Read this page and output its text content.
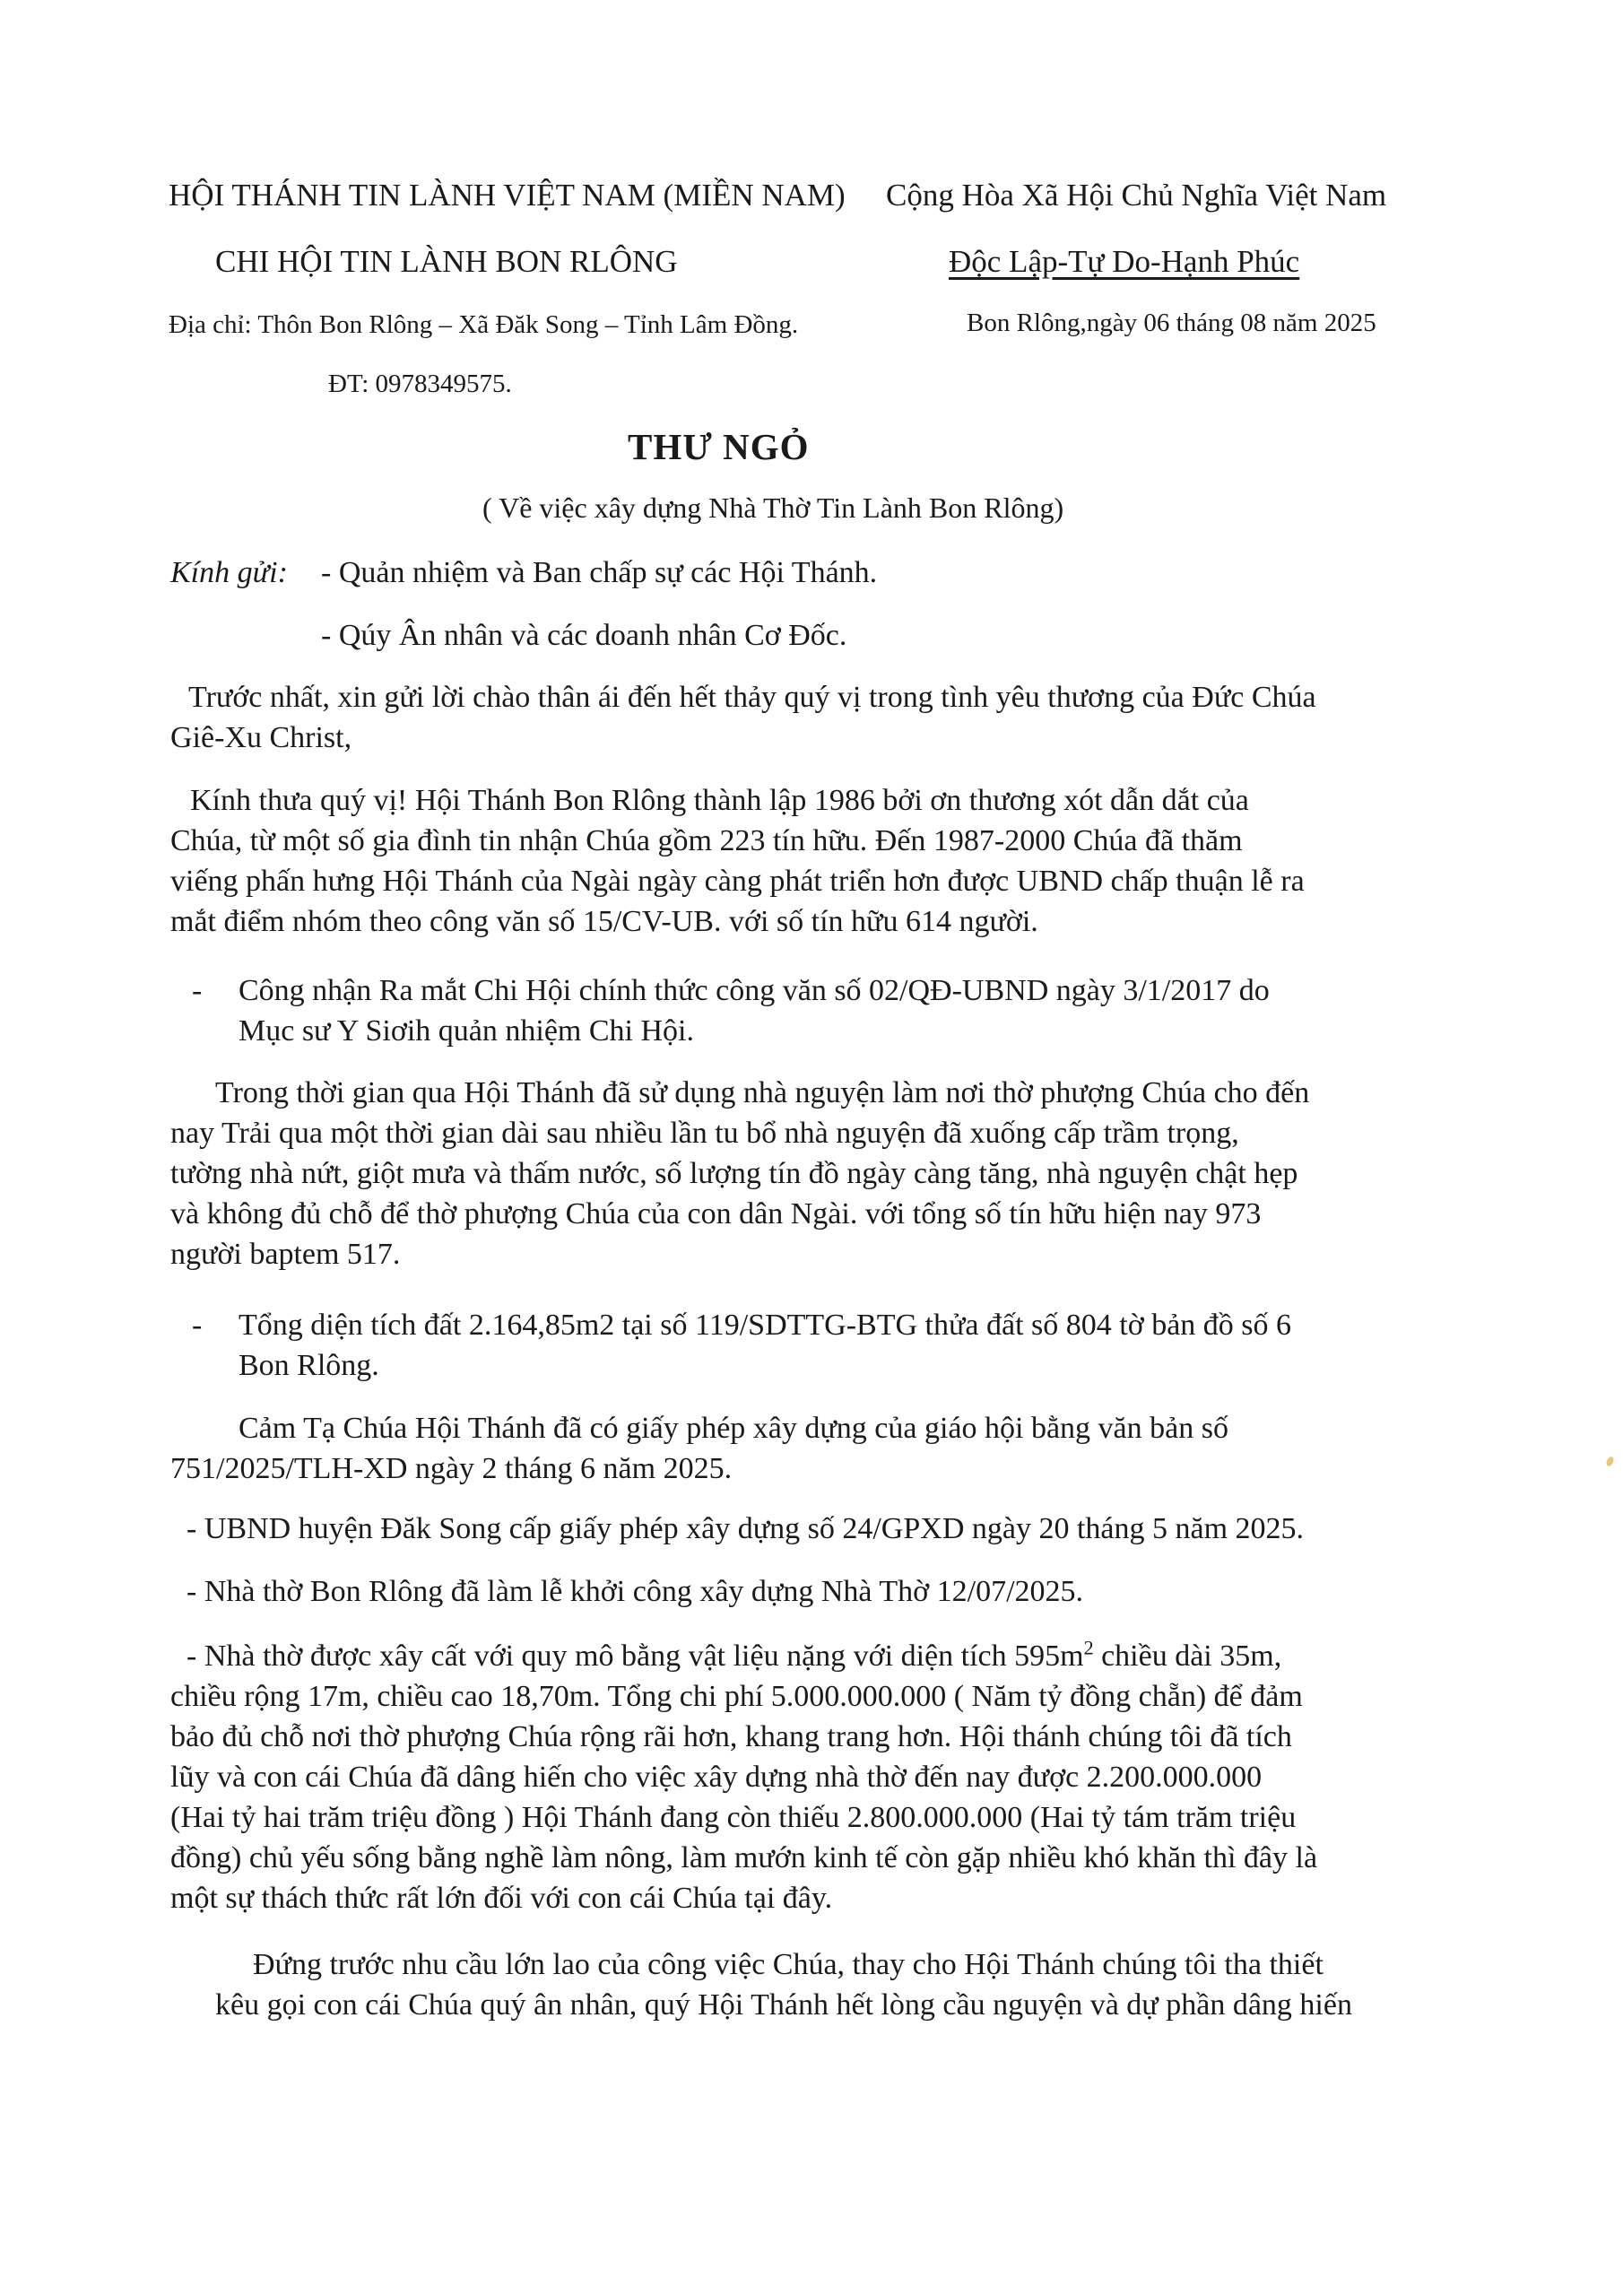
HỘI THÁNH TIN LÀNH VIỆT NAM (MIỀN NAM) Cộng Hòa Xã Hội Chủ Nghĩa Việt Nam
CHI HỘI TIN LÀNH BON RLÔNG	Độc Lập-Tự Do-Hạnh Phúc
Địa chỉ: Thôn Bon Rlông – Xã Đăk Song – Tỉnh Lâm Đồng.	Bon Rlông,ngày 06 tháng 08 năm 2025
ĐT: 0978349575.
THƯ NGỎ
( Về việc xây dựng Nhà Thờ Tin Lành Bon Rlông)
Kính gửi: - Quản nhiệm và Ban chấp sự các Hội Thánh.
- Qúy Ân nhân và các doanh nhân Cơ Đốc.
Trước nhất, xin gửi lời chào thân ái đến hết thảy quý vị trong tình yêu thương của Đức Chúa
Giê-Xu Christ,
Kính thưa quý vị! Hội Thánh Bon Rlông thành lập 1986 bởi ơn thương xót dẫn dắt của
Chúa, từ một số gia đình tin nhận Chúa gồm 223 tín hữu. Đến 1987-2000 Chúa đã thăm
viếng phấn hưng Hội Thánh của Ngài ngày càng phát triển hơn được UBND chấp thuận lễ ra
mắt điểm nhóm theo công văn số 15/CV-UB. với số tín hữu 614 người.
- Công nhận Ra mắt Chi Hội chính thức công văn số 02/QĐ-UBND ngày 3/1/2017 do
Mục sư Y Siơih quản nhiệm Chi Hội.
Trong thời gian qua Hội Thánh đã sử dụng nhà nguyện làm nơi thờ phượng Chúa cho đến
nay Trải qua một thời gian dài sau nhiều lần tu bổ nhà nguyện đã xuống cấp trầm trọng,
tường nhà nứt, giột mưa và thấm nước, số lượng tín đồ ngày càng tăng, nhà nguyện chật hẹp
và không đủ chỗ để thờ phượng Chúa của con dân Ngài. với tổng số tín hữu hiện nay 973
người baptem 517.
- Tổng diện tích đất 2.164,85m2 tại số 119/SDTTG-BTG thửa đất số 804 tờ bản đồ số 6
Bon Rlông.
Cảm Tạ Chúa Hội Thánh đã có giấy phép xây dựng của giáo hội bằng văn bản số
751/2025/TLH-XD ngày 2 tháng 6 năm 2025.
- UBND huyện Đăk Song cấp giấy phép xây dựng số 24/GPXD ngày 20 tháng 5 năm 2025.
- Nhà thờ Bon Rlông đã làm lễ khởi công xây dựng Nhà Thờ 12/07/2025.
- Nhà thờ được xây cất với quy mô bằng vật liệu nặng với diện tích $595m^2$ chiều dài 35m,
chiều rộng 17m, chiều cao 18,70m. Tổng chi phí 5.000.000.000 ( Năm tỷ đồng chẵn) để đảm
bảo đủ chỗ nơi thờ phượng Chúa rộng rãi hơn, khang trang hơn. Hội thánh chúng tôi đã tích
lũy và con cái Chúa đã dâng hiến cho việc xây dựng nhà thờ đến nay được 2.200.000.000
(Hai tỷ hai trăm triệu đồng ) Hội Thánh đang còn thiếu 2.800.000.000 (Hai tỷ tám trăm triệu
đồng) chủ yếu sống bằng nghề làm nông, làm mướn kinh tế còn gặp nhiều khó khăn thì đây là
một sự thách thức rất lớn đối với con cái Chúa tại đây.
Đứng trước nhu cầu lớn lao của công việc Chúa, thay cho Hội Thánh chúng tôi tha thiết
kêu gọi con cái Chúa quý ân nhân, quý Hội Thánh hết lòng cầu nguyện và dự phần dâng hiến
